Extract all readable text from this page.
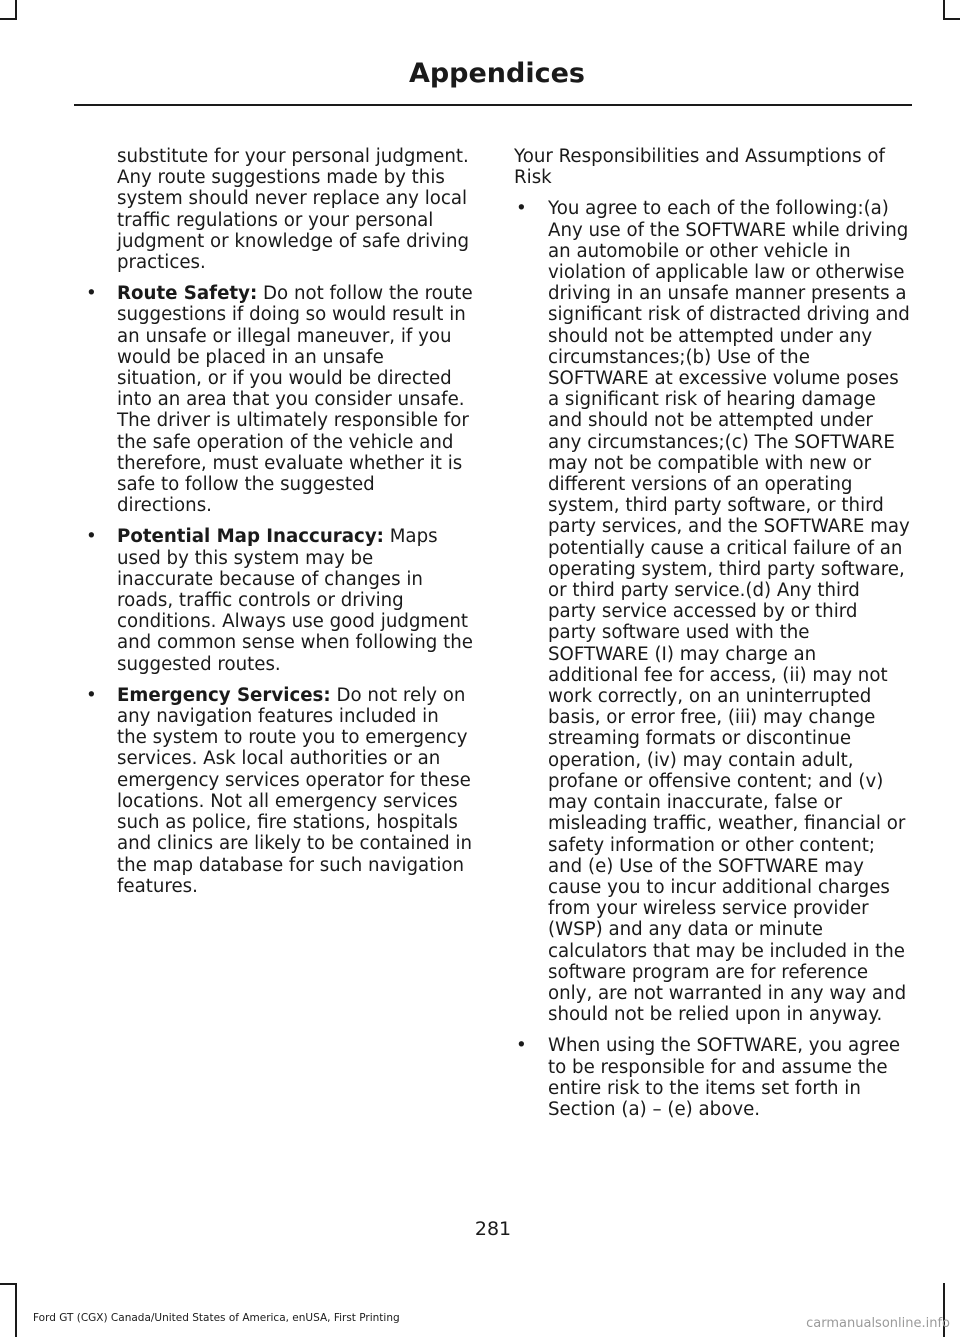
Appendices

substitute for your personal judgment. Any route suggestions made by this system should never replace any local traffic regulations or your personal judgment or knowledge of safe driving practices.

• Route Safety: Do not follow the route suggestions if doing so would result in an unsafe or illegal maneuver, if you would be placed in an unsafe situation, or if you would be directed into an area that you consider unsafe. The driver is ultimately responsible for the safe operation of the vehicle and therefore, must evaluate whether it is safe to follow the suggested directions.
• Potential Map Inaccuracy: Maps used by this system may be inaccurate because of changes in roads, traffic controls or driving conditions. Always use good judgment and common sense when following the suggested routes.
• Emergency Services: Do not rely on any navigation features included in the system to route you to emergency services. Ask local authorities or an emergency services operator for these locations. Not all emergency services such as police, fire stations, hospitals and clinics are likely to be contained in the map database for such navigation features.

Your Responsibilities and Assumptions of Risk

• You agree to each of the following:(a) Any use of the SOFTWARE while driving an automobile or other vehicle in violation of applicable law or otherwise driving in an unsafe manner presents a significant risk of distracted driving and should not be attempted under any circumstances;(b) Use of the SOFTWARE at excessive volume poses a significant risk of hearing damage and should not be attempted under any circumstances;(c) The SOFTWARE may not be compatible with new or different versions of an operating system, third party software, or third party services, and the SOFTWARE may potentially cause a critical failure of an operating system, third party software, or third party service.(d) Any third party service accessed by or third party software used with the SOFTWARE (I) may charge an additional fee for access, (ii) may not work correctly, on an uninterrupted basis, or error free, (iii) may change streaming formats or discontinue operation, (iv) may contain adult, profane or offensive content; and (v) may contain inaccurate, false or misleading traffic, weather, financial or safety information or other content; and (e) Use of the SOFTWARE may cause you to incur additional charges from your wireless service provider (WSP) and any data or minute calculators that may be included in the software program are for reference only, are not warranted in any way and should not be relied upon in anyway.
• When using the SOFTWARE, you agree to be responsible for and assume the entire risk to the items set forth in Section (a) – (e) above.
281
Ford GT (CGX) Canada/United States of America, enUSA, First Printing	carmanualsonline.info
